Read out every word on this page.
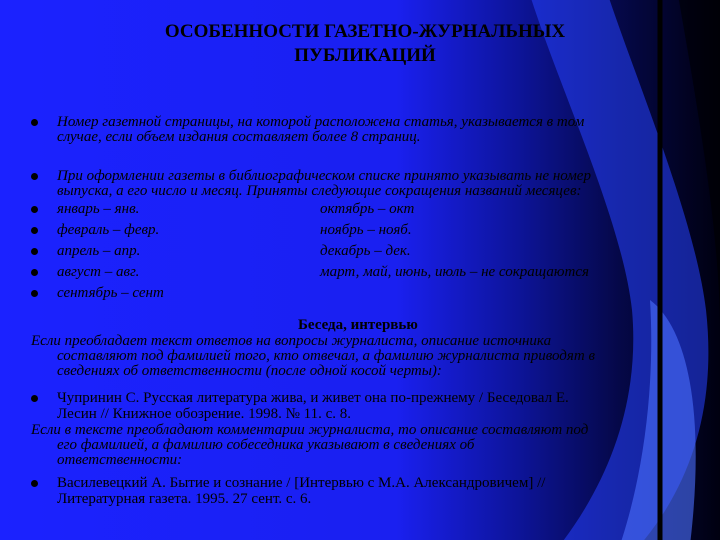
ОСОБЕННОСТИ ГАЗЕТНО-ЖУРНАЛЬНЫХ
ПУБЛИКАЦИЙ
Номер газетной страницы, на которой расположена статья, указывается в том
случае, если объем издания составляет более 8 страниц.
При оформлении газеты в библиографическом списке принято указывать не номер
выпуска, а его число и месяц. Приняты следующие сокращения названий месяцев:
январь – янв.	октябрь – окт
февраль – февр.	ноябрь – нояб.
апрель – апр.	декабрь – дек.
август – авг.	март, май, июнь, июль – не сокращаются
сентябрь – сент
Беседа, интервью
Если преобладает текст ответов на вопросы журналиста, описание источника
составляют под фамилией того, кто отвечал, а фамилию журналиста приводят в
сведениях об ответственности (после одной косой черты):
Чупринин С. Русская литература жива, и живет она по-прежнему / Беседовал Е.
Лесин // Книжное обозрение. 1998. № 11. с. 8.
Если в тексте преобладают комментарии журналиста, то описание составляют под
его фамилией, а фамилию собеседника указывают в сведениях об
ответственности:
Василевецкий А. Бытие и сознание / [Интервью с М.А. Александровичем] //
Литературная газета. 1995. 27 сент. с. 6.
